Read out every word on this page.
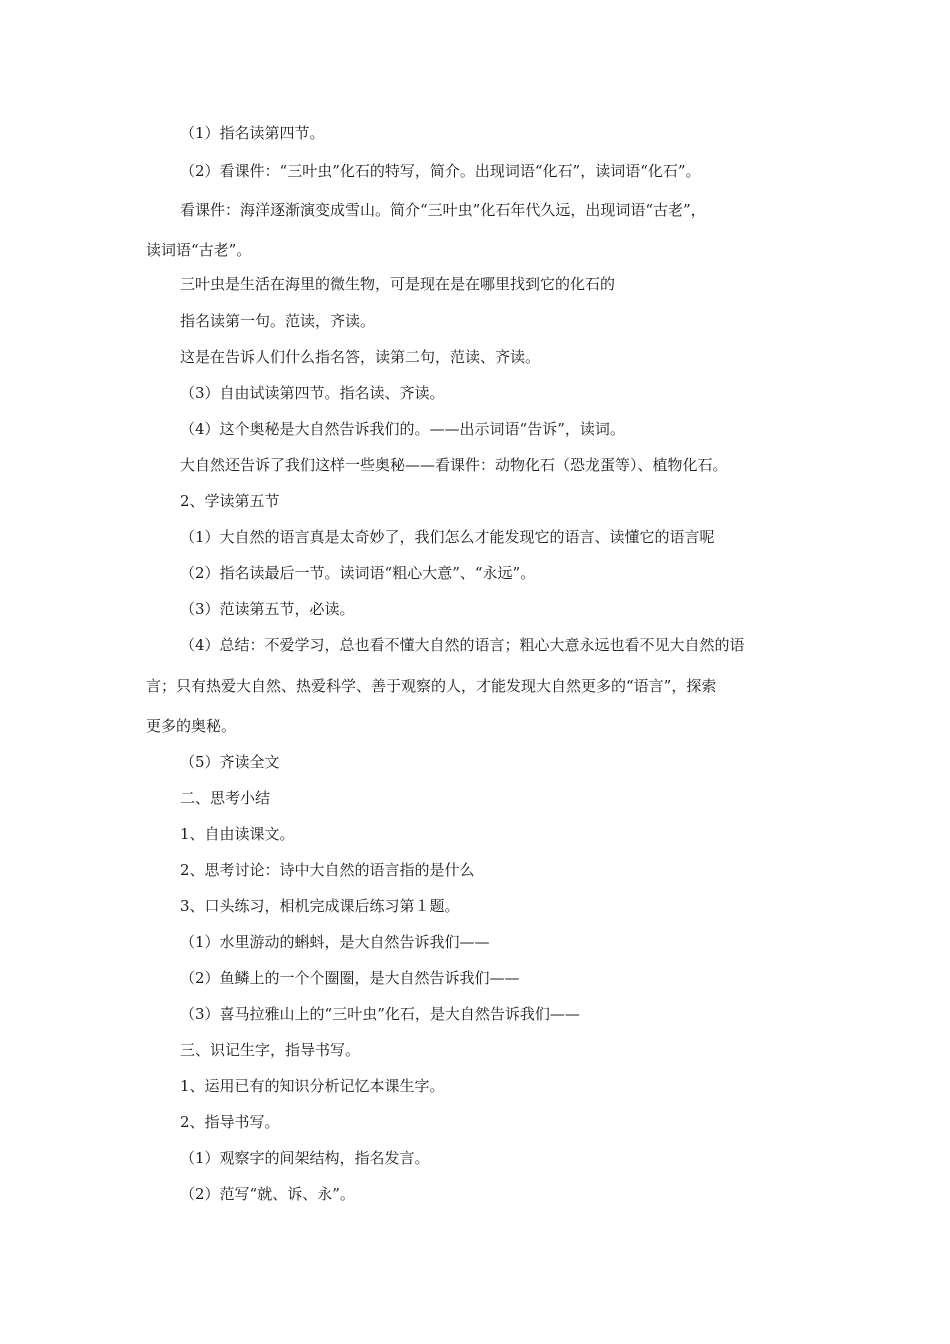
（1）指名读第四节。
（2）看课件：“三叶虫”化石的特写，简介。出现词语“化石”，读词语“化石”。
看课件：海洋逐渐演变成雪山。简介“三叶虫”化石年代久远，出现词语“古老”，
读词语“古老”。
三叶虫是生活在海里的微生物，可是现在是在哪里找到它的化石的
指名读第一句。范读，齐读。
这是在告诉人们什么指名答，读第二句，范读、齐读。
（3）自由试读第四节。指名读、齐读。
（4）这个奥秘是大自然告诉我们的。——出示词语“告诉”，读词。
大自然还告诉了我们这样一些奥秘——看课件：动物化石（恐龙蛋等）、植物化石。
2、学读第五节
（1）大自然的语言真是太奇妙了，我们怎么才能发现它的语言、读懂它的语言呢
（2）指名读最后一节。读词语“粗心大意”、“永远”。
（3）范读第五节，必读。
（4）总结：不爱学习，总也看不懂大自然的语言；粗心大意永远也看不见大自然的语
言；只有热爱大自然、热爱科学、善于观察的人，才能发现大自然更多的“语言”，探索
更多的奥秘。
（5）齐读全文
二、思考小结
1、自由读课文。
2、思考讨论：诗中大自然的语言指的是什么
3、口头练习，相机完成课后练习第１题。
（1）水里游动的蝌蚪，是大自然告诉我们——
（2）鱼鳞上的一个个圈圈，是大自然告诉我们——
（3）喜马拉雅山上的“三叶虫”化石，是大自然告诉我们——
三、识记生字，指导书写。
1、运用已有的知识分析记忆本课生字。
2、指导书写。
（1）观察字的间架结构，指名发言。
（2）范写“就、诉、永”。
